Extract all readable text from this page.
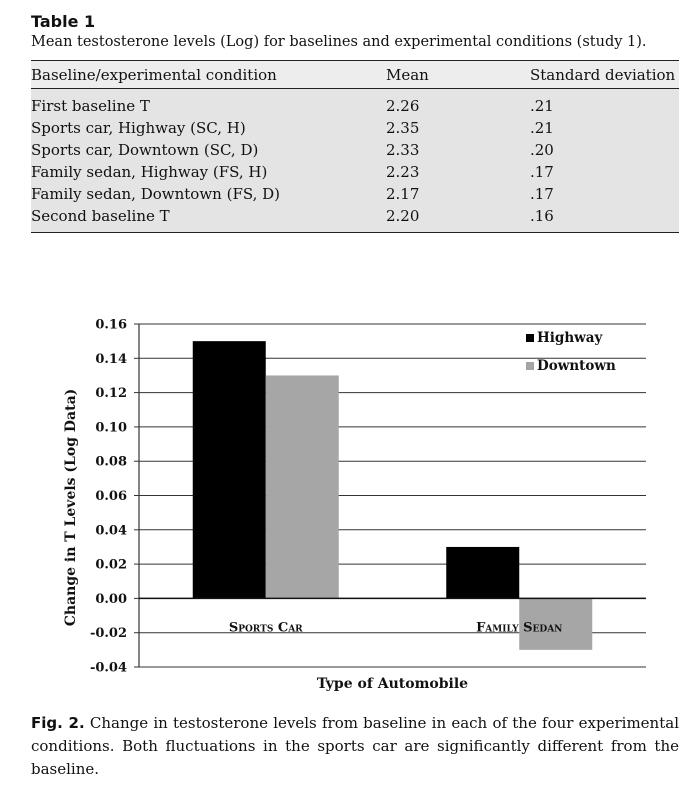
Table 1
Mean testosterone levels (Log) for baselines and experimental conditions (study 1).
Baseline/experimental condition	Mean	Standard deviation
First baseline T	2.26	.21
Sports car, Highway (SC, H)	2.35	.21
Sports car, Downtown (SC, D)	2.33	.20
Family sedan, Highway (FS, H)	2.23	.17
Family sedan, Downtown (FS, D)	2.17	.17
Second baseline T	2.20	.16
0.16
0.14
0.12
0.10
0.08
0.06
0.04
0.02
0.00
-0.02
-0.04
Sports Car	Family Sedan
Type of Automobile
Change in T Levels (Log Data)
Highway
Downtown
Fig. 2. Change in testosterone levels from baseline in each of the four experimental conditions. Both fluctuations in the sports car are significantly different from the baseline.
